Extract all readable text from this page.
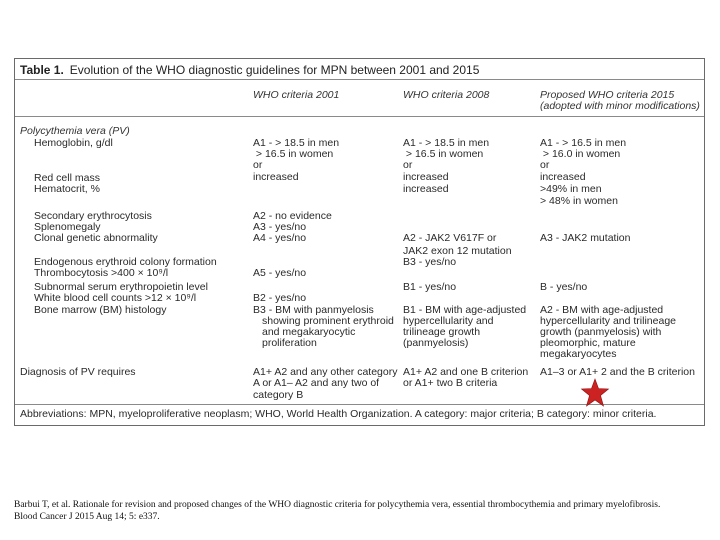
Table 1. Evolution of the WHO diagnostic guidelines for MPN between 2001 and 2015
WHO criteria 2001	WHO criteria 2008	Proposed WHO criteria 2015
(adopted with minor modifications)
Polycythemia vera (PV)
Hemoglobin, g/dl
Red cell mass
Hematocrit, %
Secondary erythrocytosis
Splenomegaly
Clonal genetic abnormality
Endogenous erythroid colony formation
Thrombocytosis >400 × 10⁹/l
Subnormal serum erythropoietin level
White blood cell counts >12 × 10⁹/l
Bone marrow (BM) histology
Diagnosis of PV requires
A1 - > 18.5 in men
> 16.5 in women
or
increased
A2 - no evidence
A3 - yes/no
A4 - yes/no
A5 - yes/no
B2 - yes/no
B3 - BM with panmyelosis
showing prominent erythroid
and megakaryocytic
proliferation
A1+ A2 and any other category
A or A1– A2 and any two of
category B
A1 - > 18.5 in men
> 16.5 in women
or
increased
increased
A2 - JAK2 V617F or
JAK2 exon 12 mutation
B3 - yes/no
B1 - yes/no
B1 - BM with age-adjusted
hypercellularity and
trilineage growth
(panmyelosis)
A1+ A2 and one B criterion
or A1+ two B criteria
A1 - > 16.5 in men
> 16.0 in women
or
increased
>49% in men
> 48% in women
A3 - JAK2 mutation
B - yes/no
A2 - BM with age-adjusted
hypercellularity and trilineage
growth (panmyelosis) with
pleomorphic, mature
megakaryocytes
A1–3 or A1+ 2 and the B criterion
Abbreviations: MPN, myeloproliferative neoplasm; WHO, World Health Organization. A category: major criteria; B category: minor criteria.
Barbui T, et al. Rationale for revision and proposed changes of the WHO diagnostic criteria for polycythemia vera, essential thrombocythemia and primary myelofibrosis.
Blood Cancer J 2015 Aug 14; 5: e337.
